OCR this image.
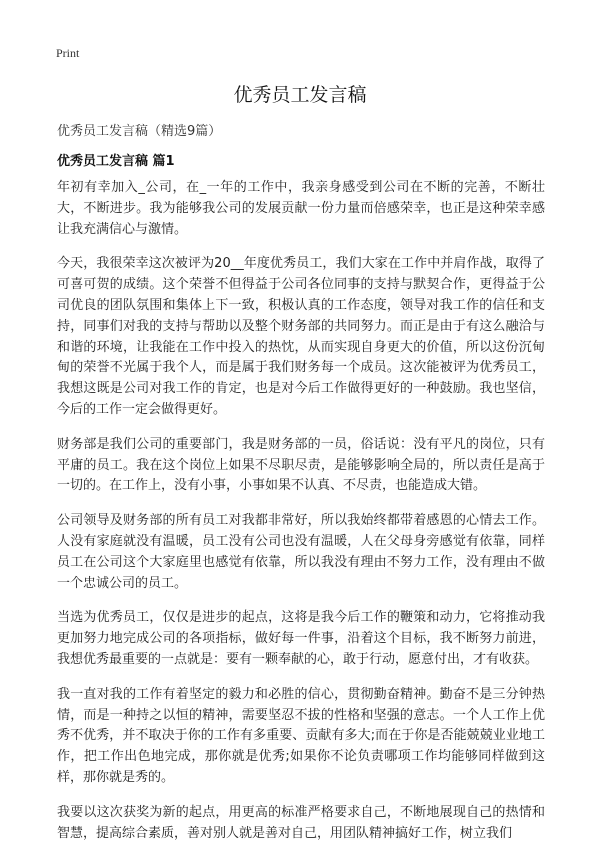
Print
优秀员工发言稿
优秀员工发言稿（精选9篇）
优秀员工发言稿 篇1

年初有幸加入_公司，在_一年的工作中，我亲身感受到公司在不断的完善，不断壮大，不断进步。我为能够我公司的发展贡献一份力量而倍感荣幸，也正是这种荣幸感让我充满信心与激情。

今天，我很荣幸这次被评为20__年度优秀员工，我们大家在工作中并肩作战，取得了可喜可贺的成绩。这个荣誉不但得益于公司各位同事的支持与默契合作，更得益于公司优良的团队氛围和集体上下一致，积极认真的工作态度，领导对我工作的信任和支持，同事们对我的支持与帮助以及整个财务部的共同努力。而正是由于有这么融洽与和谐的环境，让我能在工作中投入的热忱，从而实现自身更大的价值，所以这份沉甸甸的荣誉不光属于我个人，而是属于我们财务每一个成员。这次能被评为优秀员工，我想这既是公司对我工作的肯定，也是对今后工作做得更好的一种鼓励。我也坚信，今后的工作一定会做得更好。

财务部是我们公司的重要部门，我是财务部的一员，俗话说：没有平凡的岗位，只有平庸的员工。我在这个岗位上如果不尽职尽责，是能够影响全局的，所以责任是高于一切的。在工作上，没有小事，小事如果不认真、不尽责，也能造成大错。

公司领导及财务部的所有员工对我都非常好，所以我始终都带着感恩的心情去工作。人没有家庭就没有温暖，员工没有公司也没有温暖，人在父母身旁感觉有依靠，同样员工在公司这个大家庭里也感觉有依靠，所以我没有理由不努力工作，没有理由不做一个忠诚公司的员工。

当选为优秀员工，仅仅是进步的起点，这将是我今后工作的鞭策和动力，它将推动我更加努力地完成公司的各项指标，做好每一件事，沿着这个目标，我不断努力前进，我想优秀最重要的一点就是：要有一颗奉献的心，敢于行动，愿意付出，才有收获。

我一直对我的工作有着坚定的毅力和必胜的信心，贯彻勤奋精神。勤奋不是三分钟热情，而是一种持之以恒的精神，需要坚忍不拔的性格和坚强的意志。一个人工作上优秀不优秀，并不取决于你的工作有多重要、贡献有多大;而在于你是否能兢兢业业地工作，把工作出色地完成，那你就是优秀;如果你不论负责哪项工作均能够同样做到这样，那你就是秀的。

我要以这次获奖为新的起点，用更高的标准严格要求自己，不断地展现自己的热情和智慧，提高综合素质，善对别人就是善对自己，用团队精神搞好工作，树立我们
